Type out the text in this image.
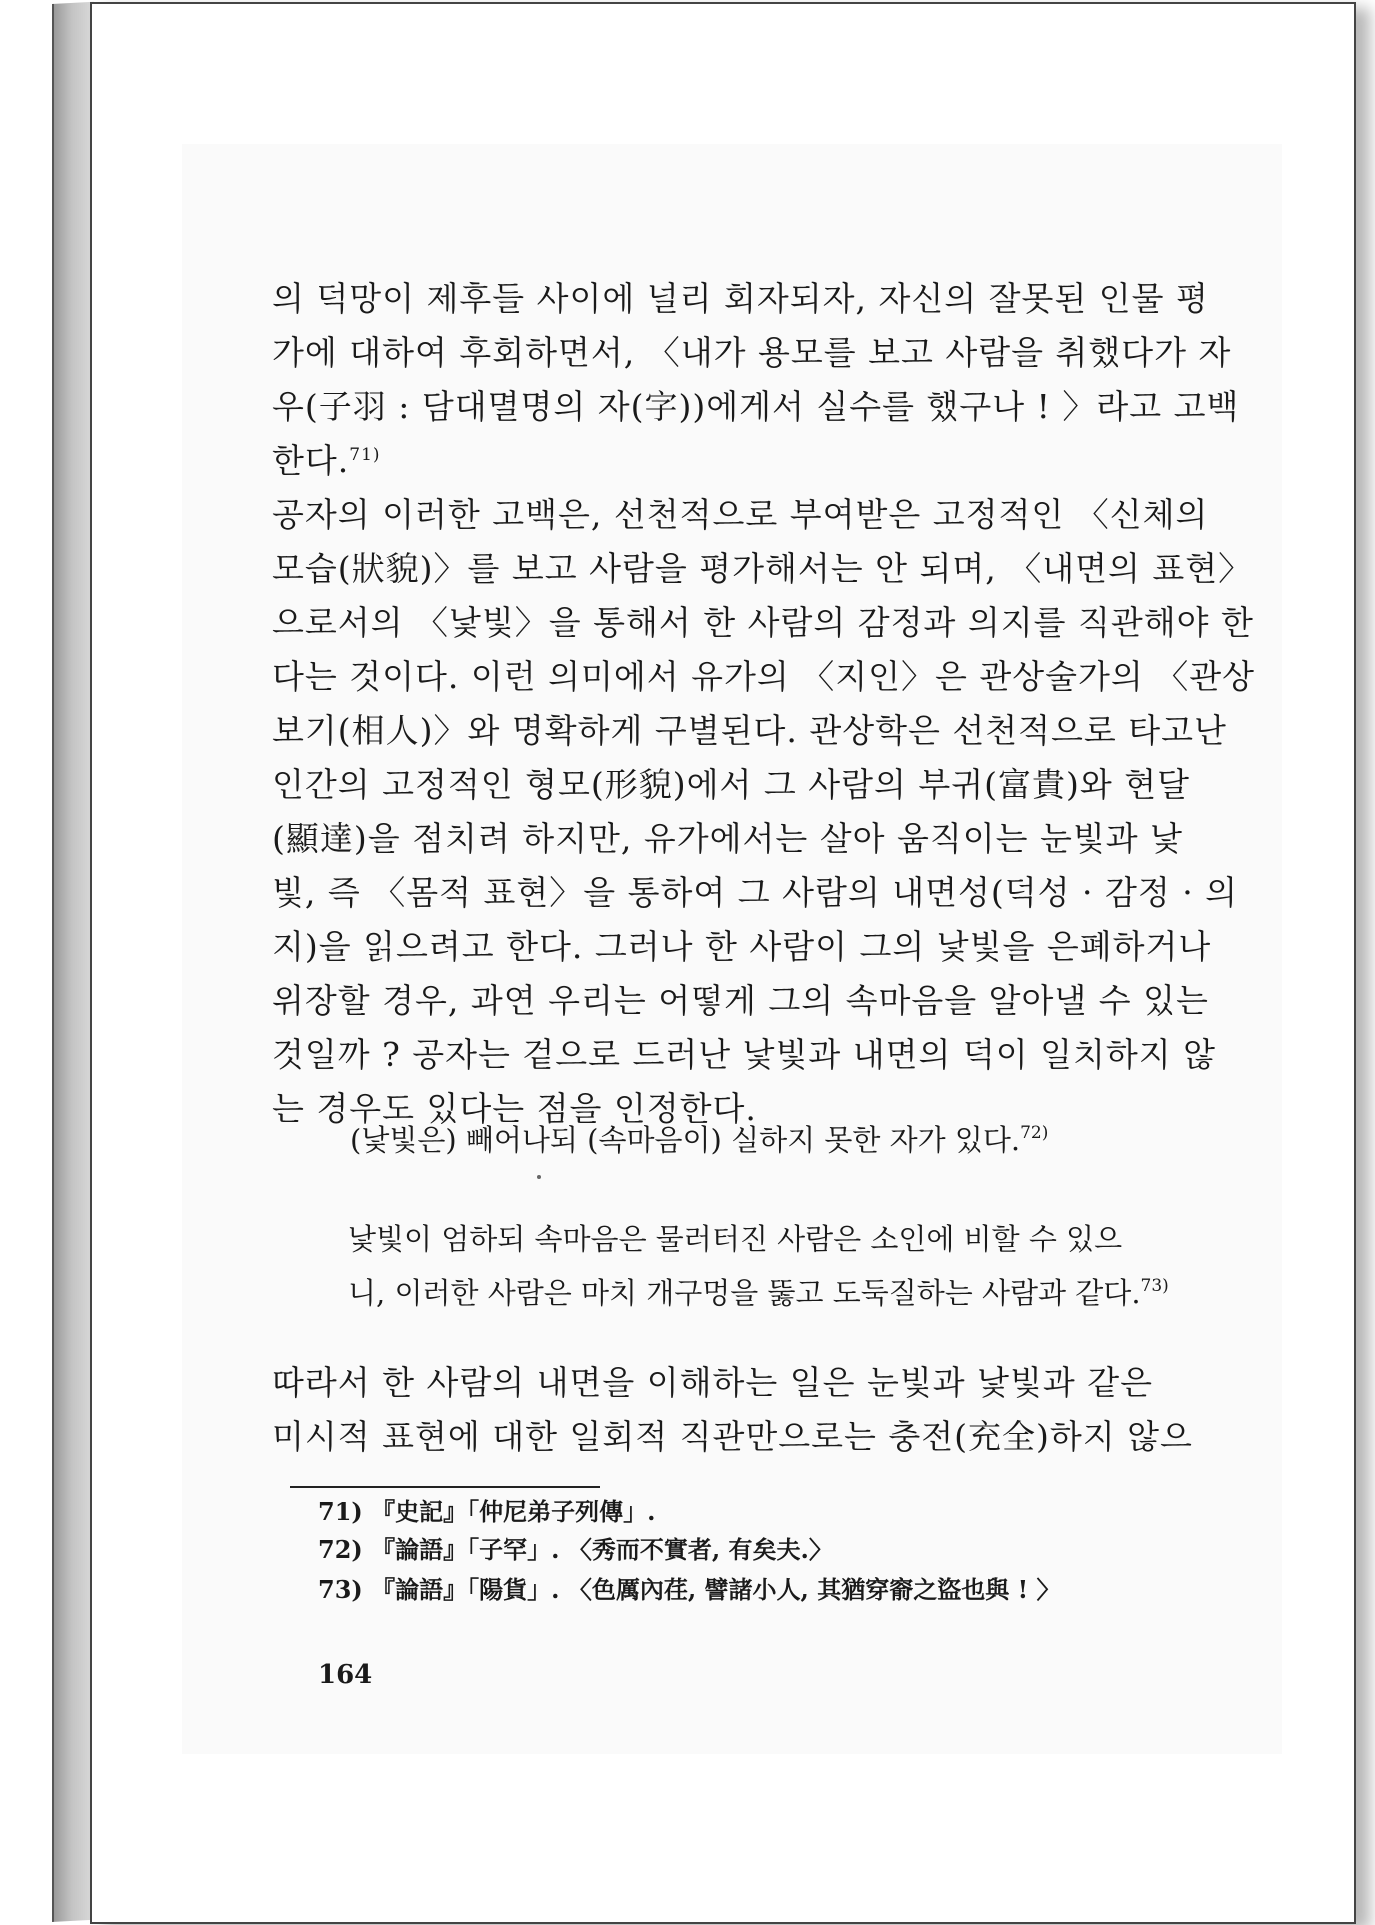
의 덕망이 제후들 사이에 널리 회자되자, 자신의 잘못된 인물 평
가에 대하여 후회하면서, 〈내가 용모를 보고 사람을 취했다가 자
우(子羽 : 담대멸명의 자(字))에게서 실수를 했구나 ! 〉라고 고백
한다.$^{71)}$
공자의 이러한 고백은, 선천적으로 부여받은 고정적인 〈신체의
모습(狀貌)〉를 보고 사람을 평가해서는 안 되며, 〈내면의 표현〉
으로서의 〈낯빛〉을 통해서 한 사람의 감정과 의지를 직관해야 한
다는 것이다. 이런 의미에서 유가의 〈지인〉은 관상술가의 〈관상
보기(相人)〉와 명확하게 구별된다. 관상학은 선천적으로 타고난
인간의 고정적인 형모(形貌)에서 그 사람의 부귀(富貴)와 현달
(顯達)을 점치려 하지만, 유가에서는 살아 움직이는 눈빛과 낯
빛, 즉 〈몸적 표현〉을 통하여 그 사람의 내면성(덕성 · 감정 · 의
지)을 읽으려고 한다. 그러나 한 사람이 그의 낯빛을 은폐하거나
위장할 경우, 과연 우리는 어떻게 그의 속마음을 알아낼 수 있는
것일까 ? 공자는 겉으로 드러난 낯빛과 내면의 덕이 일치하지 않
는 경우도 있다는 점을 인정한다.
(낯빛은) 빼어나되 (속마음이) 실하지 못한 자가 있다.$^{72)}$
낯빛이 엄하되 속마음은 물러터진 사람은 소인에 비할 수 있으
니, 이러한 사람은 마치 개구멍을 뚫고 도둑질하는 사람과 같다.$^{73)}$
따라서 한 사람의 내면을 이해하는 일은 눈빛과 낯빛과 같은
미시적 표현에 대한 일회적 직관만으로는 충전(充全)하지 않으
71) 『史記』「仲尼弟子列傳」.
72) 『論語』「子罕」. 〈秀而不實者, 有矣夫.〉
73) 『論語』「陽貨」. 〈色厲內荏, 譬諸小人, 其猶穿窬之盜也與 ! 〉
164
